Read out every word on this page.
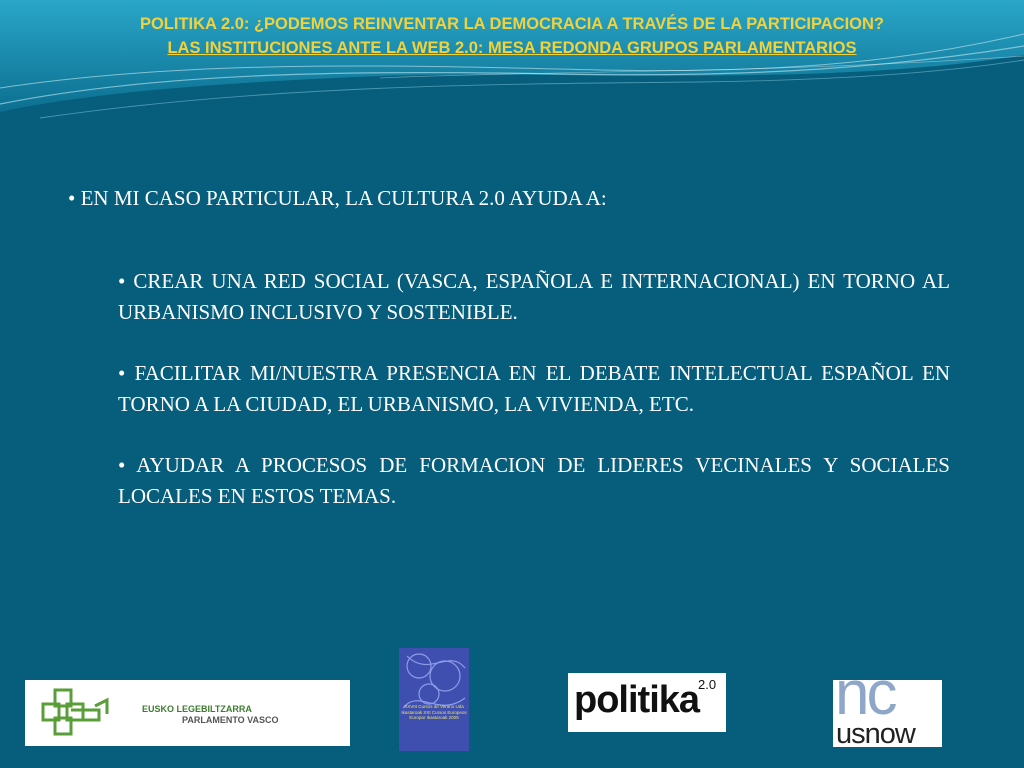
POLITIKA 2.0: ¿PODEMOS REINVENTAR LA DEMOCRACIA A TRAVÉS DE LA PARTICIPACION?
LAS INSTITUCIONES ANTE LA WEB 2.0: MESA REDONDA GRUPOS PARLAMENTARIOS

• EN MI CASO PARTICULAR, LA CULTURA 2.0 AYUDA A:

• CREAR UNA RED SOCIAL (VASCA, ESPAÑOLA E INTERNACIONAL) EN TORNO AL URBANISMO INCLUSIVO Y SOSTENIBLE.

• FACILITAR MI/NUESTRA PRESENCIA EN EL DEBATE INTELECTUAL ESPAÑOL EN TORNO A LA CIUDAD, EL URBANISMO, LA VIVIENDA, ETC.

• AYUDAR A PROCESOS DE FORMACION DE LIDERES VECINALES Y SOCIALES LOCALES EN ESTOS TEMAS.

EUSKO LEGEBILTZARRA
PARLAMENTO VASCO
XXVIII Cursos de Verano Uda Ikastaroak XXI Cursos Europeos Europar Ikastaroak 2009	politika
2.0 nc
usnow
